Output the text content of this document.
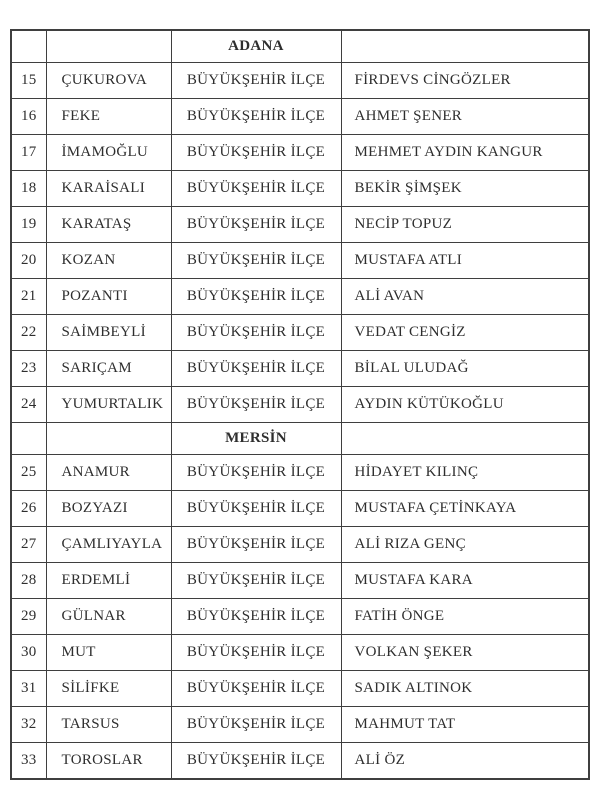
		ADANA	
15	ÇUKUROVA	BÜYÜKŞEHİR İLÇE	FİRDEVS CİNGÖZLER
16	FEKE	BÜYÜKŞEHİR İLÇE	AHMET ŞENER
17	İMAMOĞLU	BÜYÜKŞEHİR İLÇE	MEHMET AYDIN KANGUR
18	KARAİSALI	BÜYÜKŞEHİR İLÇE	BEKİR ŞİMŞEK
19	KARATAŞ	BÜYÜKŞEHİR İLÇE	NECİP TOPUZ
20	KOZAN	BÜYÜKŞEHİR İLÇE	MUSTAFA ATLI
21	POZANTI	BÜYÜKŞEHİR İLÇE	ALİ AVAN
22	SAİMBEYLİ	BÜYÜKŞEHİR İLÇE	VEDAT CENGİZ
23	SARIÇAM	BÜYÜKŞEHİR İLÇE	BİLAL ULUDAĞ
24	YUMURTALIK	BÜYÜKŞEHİR İLÇE	AYDIN KÜTÜKOĞLU
		MERSİN	
25	ANAMUR	BÜYÜKŞEHİR İLÇE	HİDAYET KILINÇ
26	BOZYAZI	BÜYÜKŞEHİR İLÇE	MUSTAFA ÇETİNKAYA
27	ÇAMLIYAYLA	BÜYÜKŞEHİR İLÇE	ALİ RIZA GENÇ
28	ERDEMLİ	BÜYÜKŞEHİR İLÇE	MUSTAFA KARA
29	GÜLNAR	BÜYÜKŞEHİR İLÇE	FATİH ÖNGE
30	MUT	BÜYÜKŞEHİR İLÇE	VOLKAN ŞEKER
31	SİLİFKE	BÜYÜKŞEHİR İLÇE	SADIK ALTINOK
32	TARSUS	BÜYÜKŞEHİR İLÇE	MAHMUT TAT
33	TOROSLAR	BÜYÜKŞEHİR İLÇE	ALİ ÖZ
